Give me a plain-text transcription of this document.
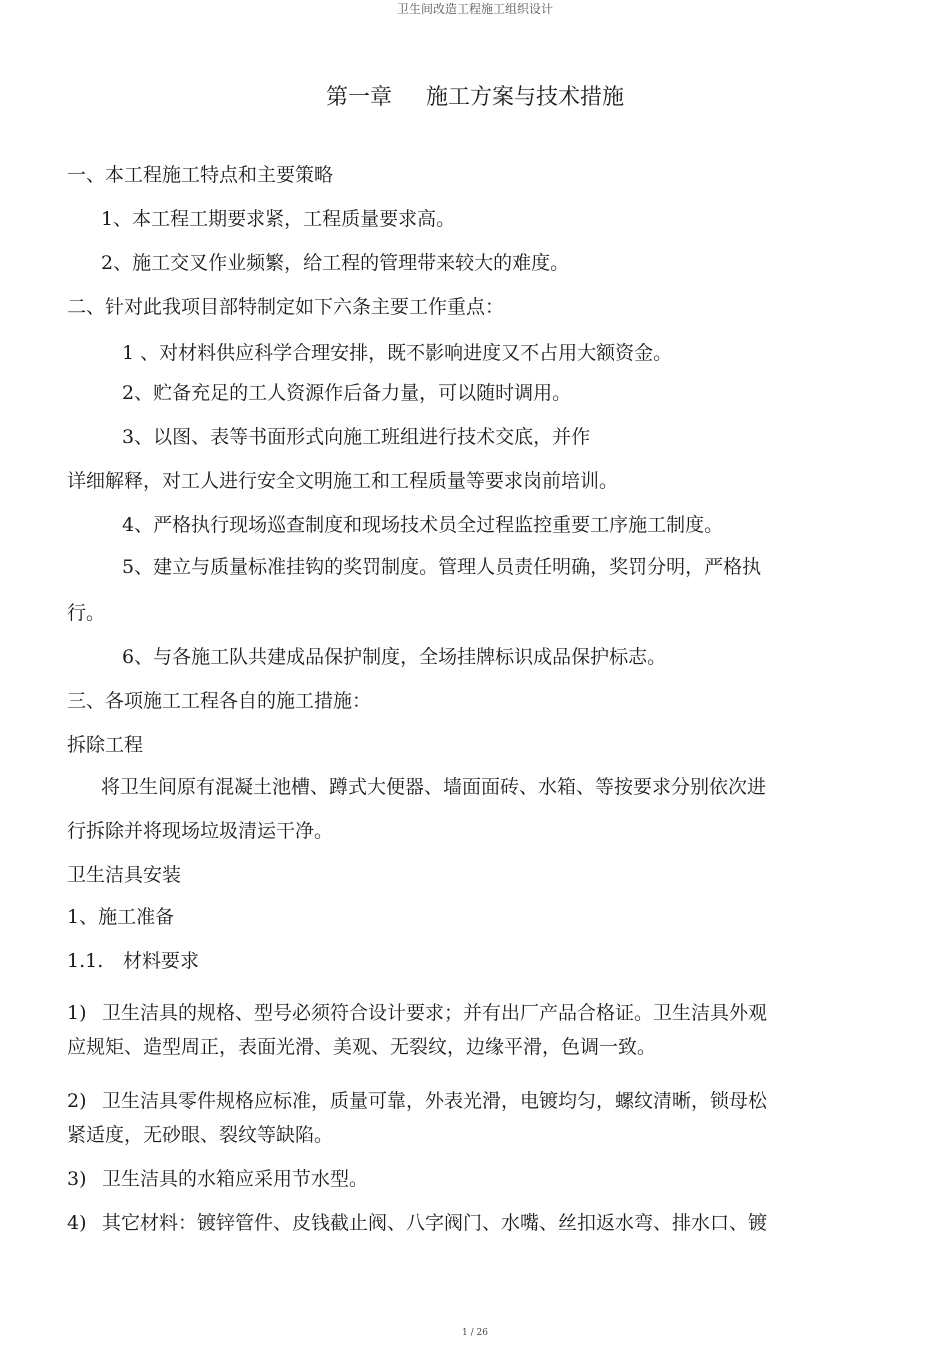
卫生间改造工程施工组织设计
第一章 施工方案与技术措施
一、本工程施工特点和主要策略
1、本工程工期要求紧，工程质量要求高。
2、施工交叉作业频繁，给工程的管理带来较大的难度。
二、针对此我项目部特制定如下六条主要工作重点：
1 、对材料供应科学合理安排，既不影响进度又不占用大额资金。
2、贮备充足的工人资源作后备力量，可以随时调用。
3、以图、表等书面形式向施工班组进行技术交底，并作
详细解释，对工人进行安全文明施工和工程质量等要求岗前培训。
4、严格执行现场巡查制度和现场技术员全过程监控重要工序施工制度。
5、建立与质量标准挂钩的奖罚制度。管理人员责任明确，奖罚分明，严格执
行。
6、与各施工队共建成品保护制度，全场挂牌标识成品保护标志。
三、各项施工工程各自的施工措施：
拆除工程
将卫生间原有混凝土池槽、蹲式大便器、墙面面砖、水箱、等按要求分别依次进
行拆除并将现场垃圾清运干净。
卫生洁具安装
1、施工准备
1.1. 材料要求
1) 卫生洁具的规格、型号必须符合设计要求；并有出厂产品合格证。卫生洁具外观
应规矩、造型周正，表面光滑、美观、无裂纹，边缘平滑，色调一致。
2) 卫生洁具零件规格应标准，质量可靠，外表光滑，电镀均匀，螺纹清晰，锁母松
紧适度，无砂眼、裂纹等缺陷。
3) 卫生洁具的水箱应采用节水型。
4) 其它材料：镀锌管件、皮钱截止阀、八字阀门、水嘴、丝扣返水弯、排水口、镀
1 / 26
